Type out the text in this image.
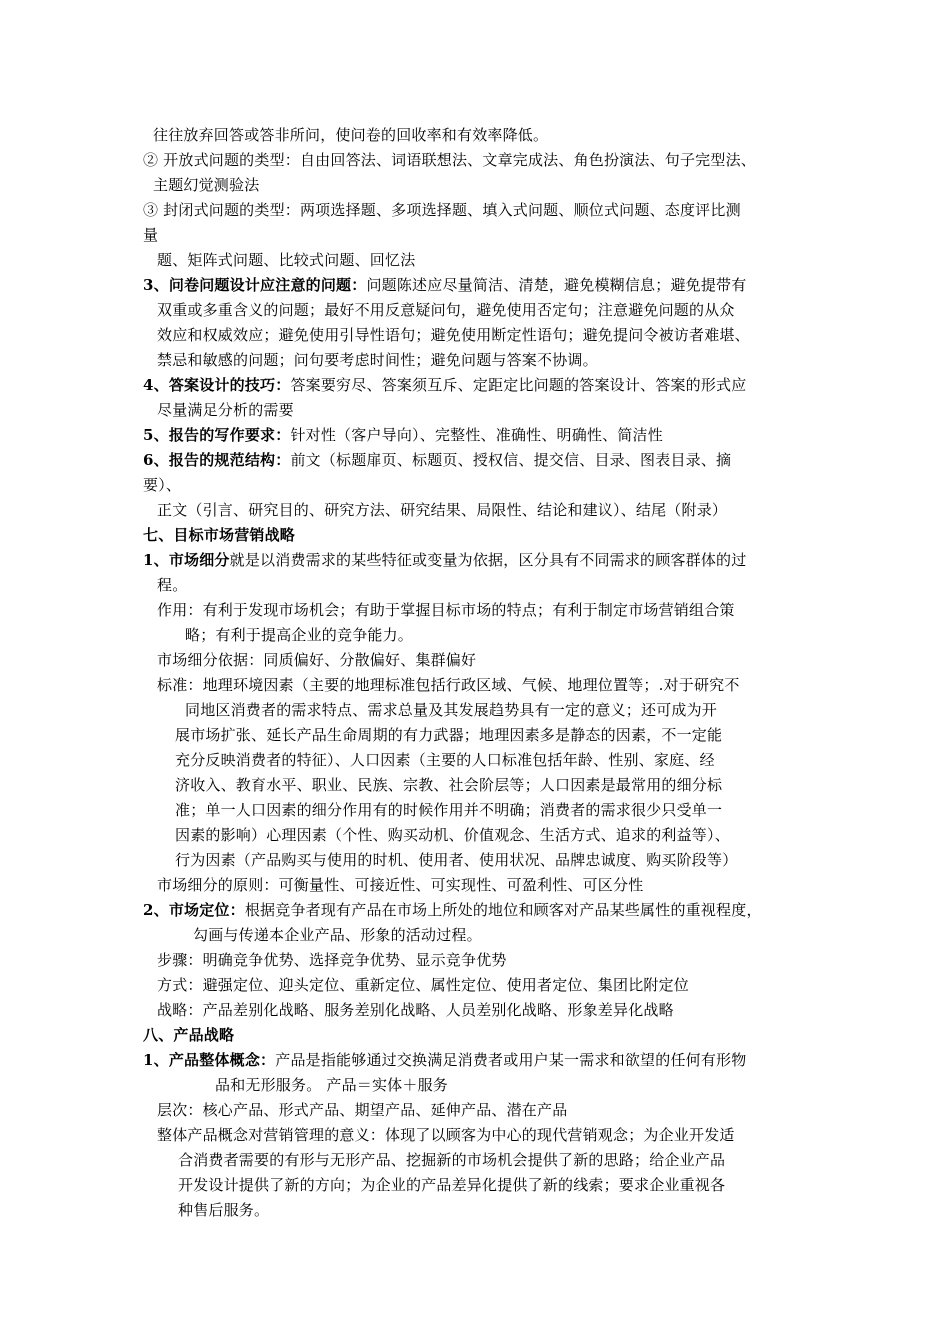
往往放弃回答或答非所问，使问卷的回收率和有效率降低。
② 开放式问题的类型：自由回答法、词语联想法、文章完成法、角色扮演法、句子完型法、
主题幻觉测验法
③ 封闭式问题的类型：两项选择题、多项选择题、填入式问题、顺位式问题、态度评比测
量
题、矩阵式问题、比较式问题、回忆法
3、问卷问题设计应注意的问题：问题陈述应尽量简洁、清楚，避免模糊信息；避免提带有
双重或多重含义的问题；最好不用反意疑问句，避免使用否定句；注意避免问题的从众
效应和权威效应；避免使用引导性语句；避免使用断定性语句；避免提问令被访者难堪、
禁忌和敏感的问题；问句要考虑时间性；避免问题与答案不协调。
4、答案设计的技巧：答案要穷尽、答案须互斥、定距定比问题的答案设计、答案的形式应
尽量满足分析的需要
5、报告的写作要求：针对性（客户导向）、完整性、准确性、明确性、简洁性
6、报告的规范结构：前文（标题扉页、标题页、授权信、提交信、目录、图表目录、摘
要）、
正文（引言、研究目的、研究方法、研究结果、局限性、结论和建议）、结尾（附录）
七、目标市场营销战略
1、市场细分就是以消费需求的某些特征或变量为依据，区分具有不同需求的顾客群体的过
程。
作用：有利于发现市场机会；有助于掌握目标市场的特点；有利于制定市场营销组合策
略；有利于提高企业的竞争能力。
市场细分依据：同质偏好、分散偏好、集群偏好
标准：地理环境因素（主要的地理标准包括行政区域、气候、地理位置等；.对于研究不
同地区消费者的需求特点、需求总量及其发展趋势具有一定的意义；还可成为开
展市场扩张、延长产品生命周期的有力武器；地理因素多是静态的因素，不一定能
充分反映消费者的特征）、人口因素（主要的人口标准包括年龄、性别、家庭、经
济收入、教育水平、职业、民族、宗教、社会阶层等；人口因素是最常用的细分标
准；单一人口因素的细分作用有的时候作用并不明确；消费者的需求很少只受单一
因素的影响）心理因素（个性、购买动机、价值观念、生活方式、追求的利益等）、
行为因素（产品购买与使用的时机、使用者、使用状况、品牌忠诚度、购买阶段等）
市场细分的原则：可衡量性、可接近性、可实现性、可盈利性、可区分性
2、市场定位：根据竞争者现有产品在市场上所处的地位和顾客对产品某些属性的重视程度，
勾画与传递本企业产品、形象的活动过程。
步骤：明确竞争优势、选择竞争优势、显示竞争优势
方式：避强定位、迎头定位、重新定位、属性定位、使用者定位、集团比附定位
战略：产品差别化战略、服务差别化战略、人员差别化战略、形象差异化战略
八、产品战略
1、产品整体概念：产品是指能够通过交换满足消费者或用户某一需求和欲望的任何有形物
品和无形服务。 产品＝实体＋服务
层次：核心产品、形式产品、期望产品、延伸产品、潜在产品
整体产品概念对营销管理的意义：体现了以顾客为中心的现代营销观念；为企业开发适
合消费者需要的有形与无形产品、挖掘新的市场机会提供了新的思路；给企业产品
开发设计提供了新的方向；为企业的产品差异化提供了新的线索；要求企业重视各
种售后服务。
